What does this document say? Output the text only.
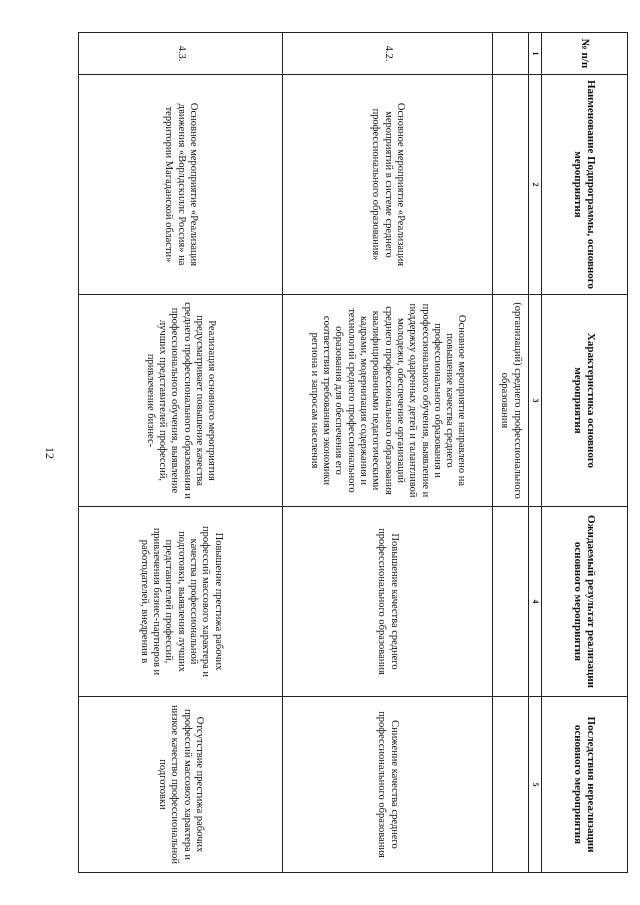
12
№ п/п	Наименование Подпрограммы, основного мероприятия	Характеристика основного мероприятия	Ожидаемый результат реализации основного мероприятия	Последствия нереализации основного мероприятия
1	2	3	4	5
		(организаций) среднего профессионального образования		
4.2.	Основное мероприятие «Реализация мероприятий в системе среднего профессионального образования»	Основное мероприятие направлено на повышение качества среднего профессионального образования и профессионального обучения, выявление и поддержку одаренных детей и талантливой молодежи, обеспечение организаций среднего профессионального образования квалифицированными педагогическими кадрами, модернизация содержания и технологий среднего профессионального образования для обеспечения его соответствия требованиям экономики региона и запросам населения	Повышение качества среднего профессионального образования	Снижение качества среднего профессионального образования
4.3.	Основное мероприятие «Реализация движения «Ворлдскиллс Россия» на территории Магаданской области»	Реализация основного мероприятия предусматривает повышение качества среднего профессионального образования и профессионального обучения, выявление лучших представителей профессий, привлечение бизнес-	Повышение престижа рабочих профессий массового характера и качества профессиональной подготовки, выявления лучших представителей профессий, привлечения бизнес-партнеров и работодателей, внедрения в	Отсутствие престижа рабочих профессий массового характера и низкое качество профессиональной подготовки
